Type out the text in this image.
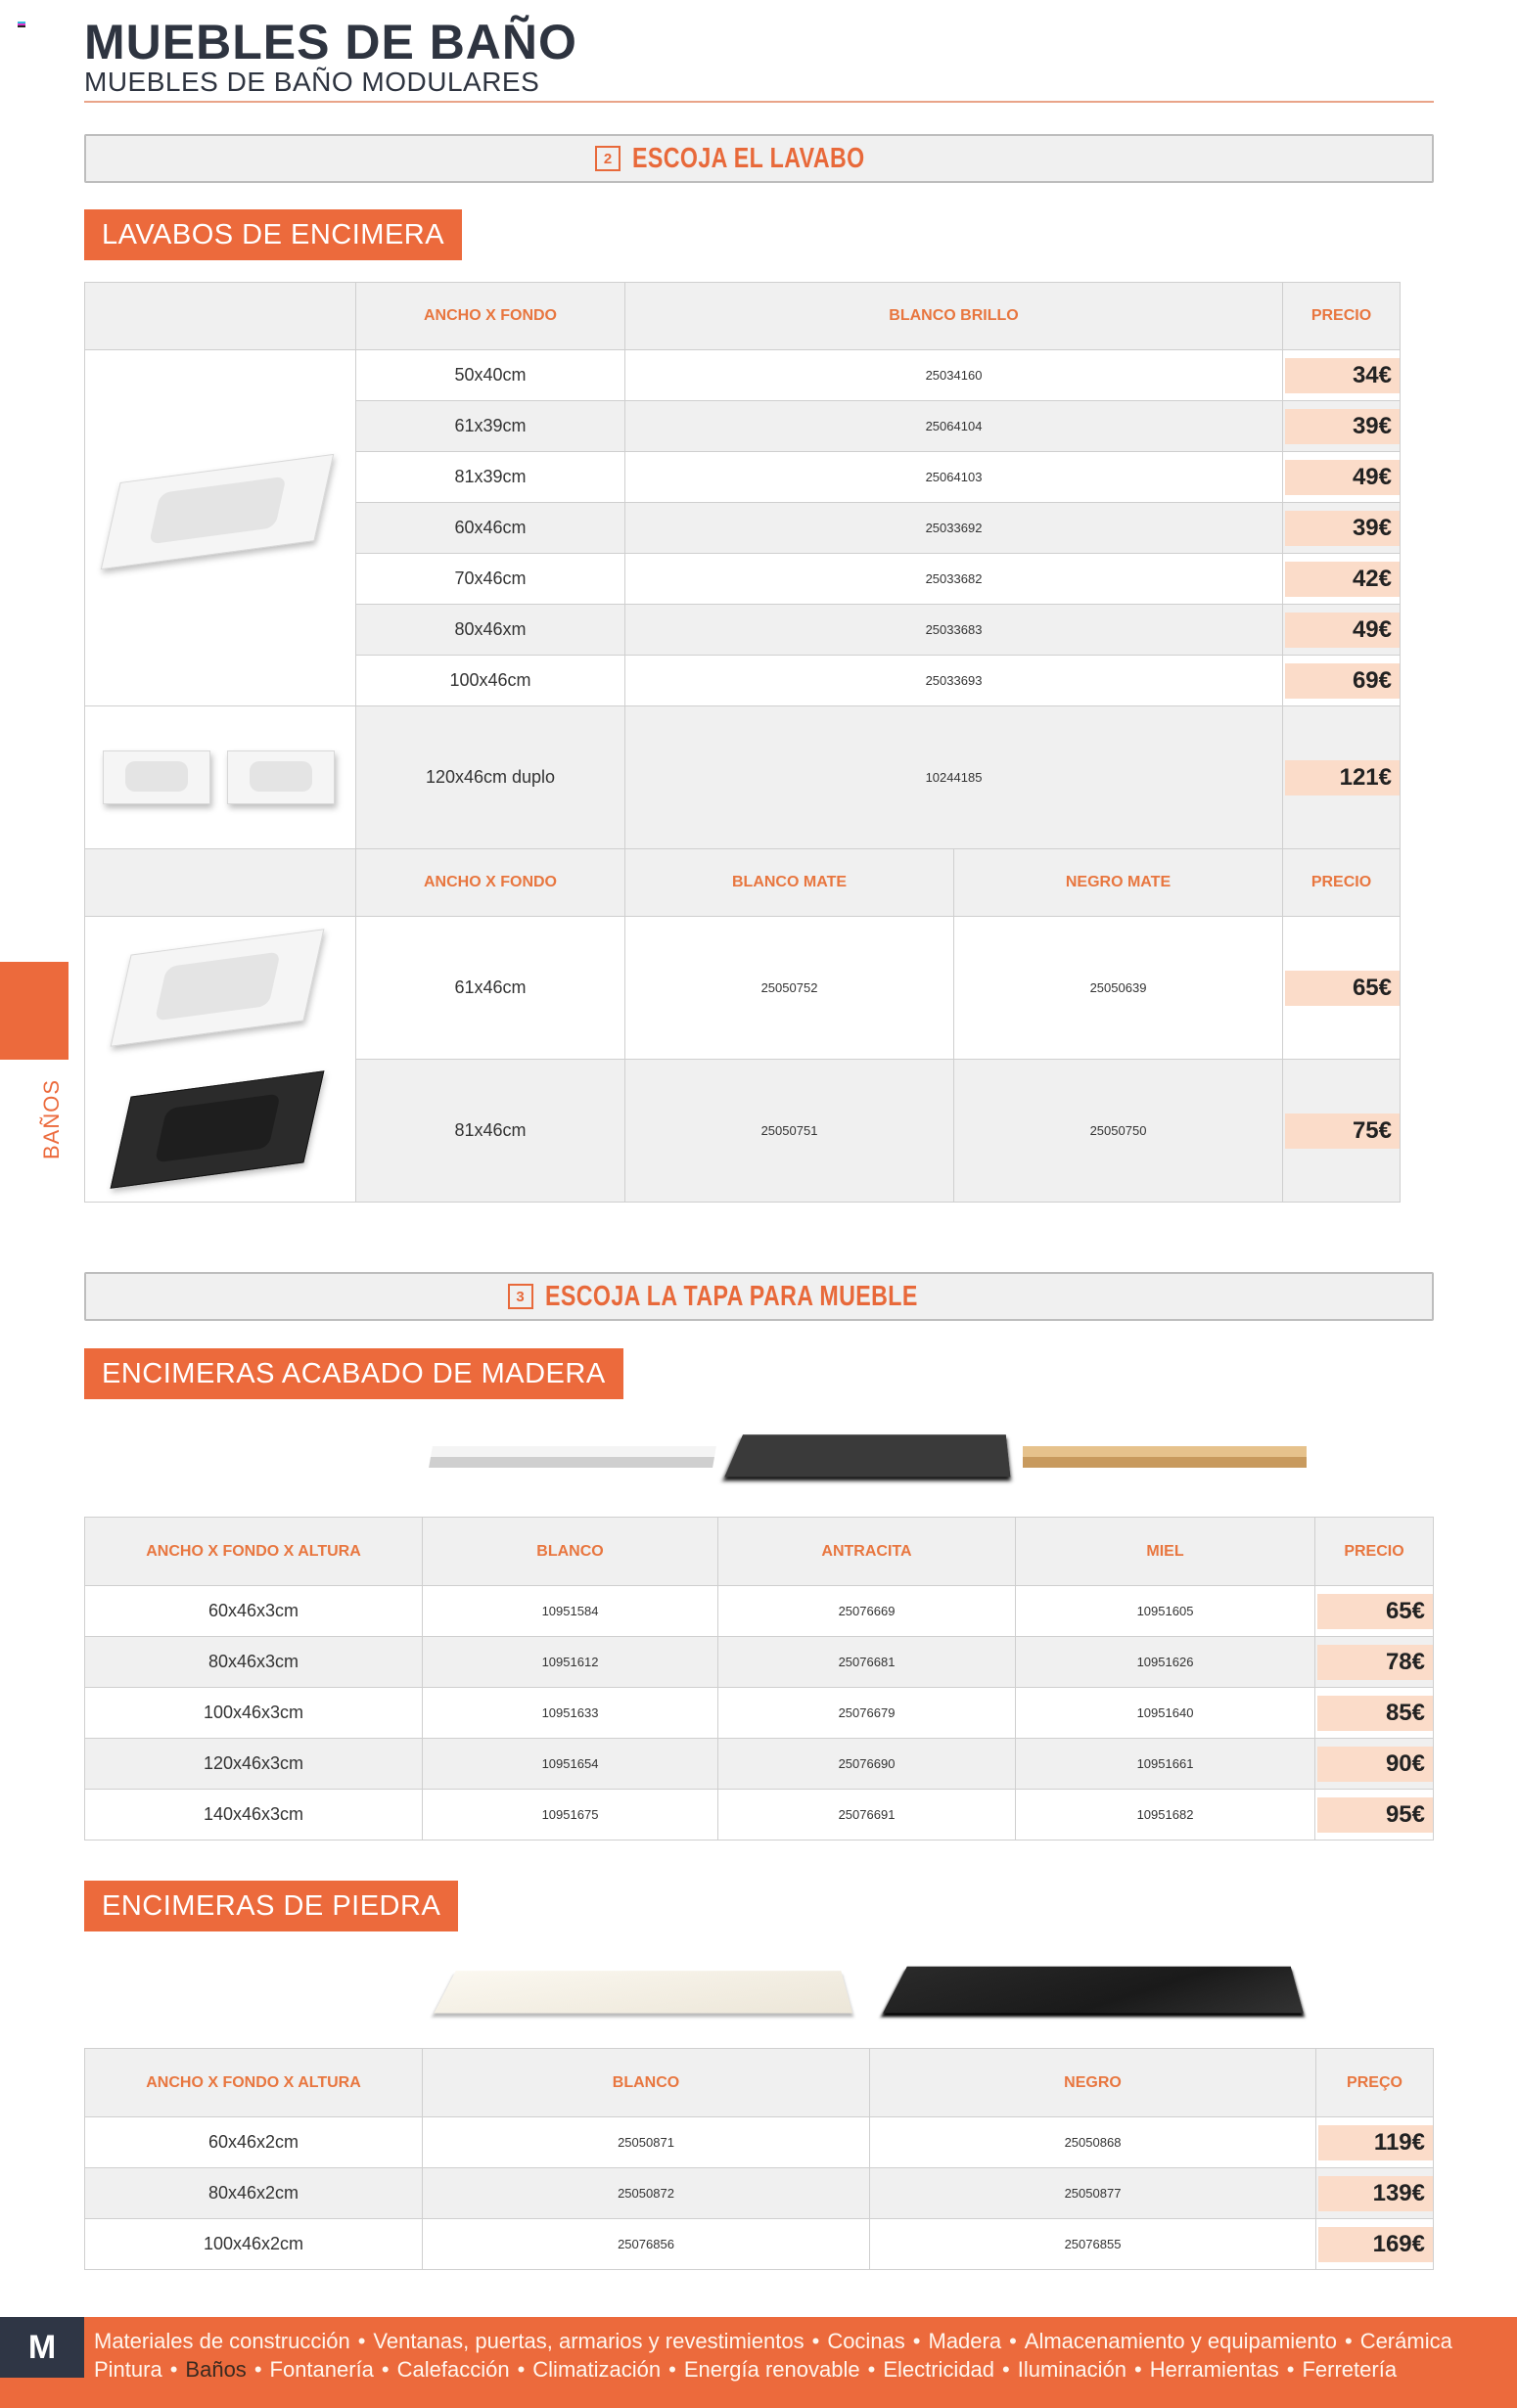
MUEBLES DE BAÑO
MUEBLES DE BAÑO MODULARES
BAÑOS
2 ESCOJA EL LAVABO
LAVABOS DE ENCIMERA
	ANCHO X FONDO	BLANCO BRILLO		PRECIO

	50x40cm	25034160		34€

	61x39cm	25064104		39€

	81x39cm	25064103		49€

	60x46cm	25033692		39€

	70x46cm	25033682		42€

	80x46xm	25033683		49€

	100x46cm	25033693		69€

	120x46cm duplo	10244185		121€

	ANCHO X FONDO	BLANCO MATE	NEGRO MATE	PRECIO

	61x46cm	25050752	25050639	65€

	81x46cm	25050751	25050750	75€
3 ESCOJA LA TAPA PARA MUEBLE
ENCIMERAS ACABADO DE MADERA
ANCHO X FONDO X ALTURA	BLANCO	ANTRACITA	MIEL	PRECIO
60x46x3cm	10951584	25076669	10951605	65€

80x46x3cm	10951612	25076681	10951626	78€

100x46x3cm	10951633	25076679	10951640	85€

120x46x3cm	10951654	25076690	10951661	90€

140x46x3cm	10951675	25076691	10951682	95€
ENCIMERAS DE PIEDRA
ANCHO X FONDO X ALTURA	BLANCO	NEGRO	PREÇO
60x46x2cm	25050871	25050868	119€

80x46x2cm	25050872	25050877	139€

100x46x2cm	25076856	25076855	169€
M	Materiales de construcción • Ventanas, puertas, armarios y revestimientos • Cocinas • Madera • Almacenamiento y equipamiento • Cerámica
Pintura • Baños • Fontanería • Calefacción • Climatización • Energía renovable • Electricidad • Iluminación • Herramientas • Ferretería
